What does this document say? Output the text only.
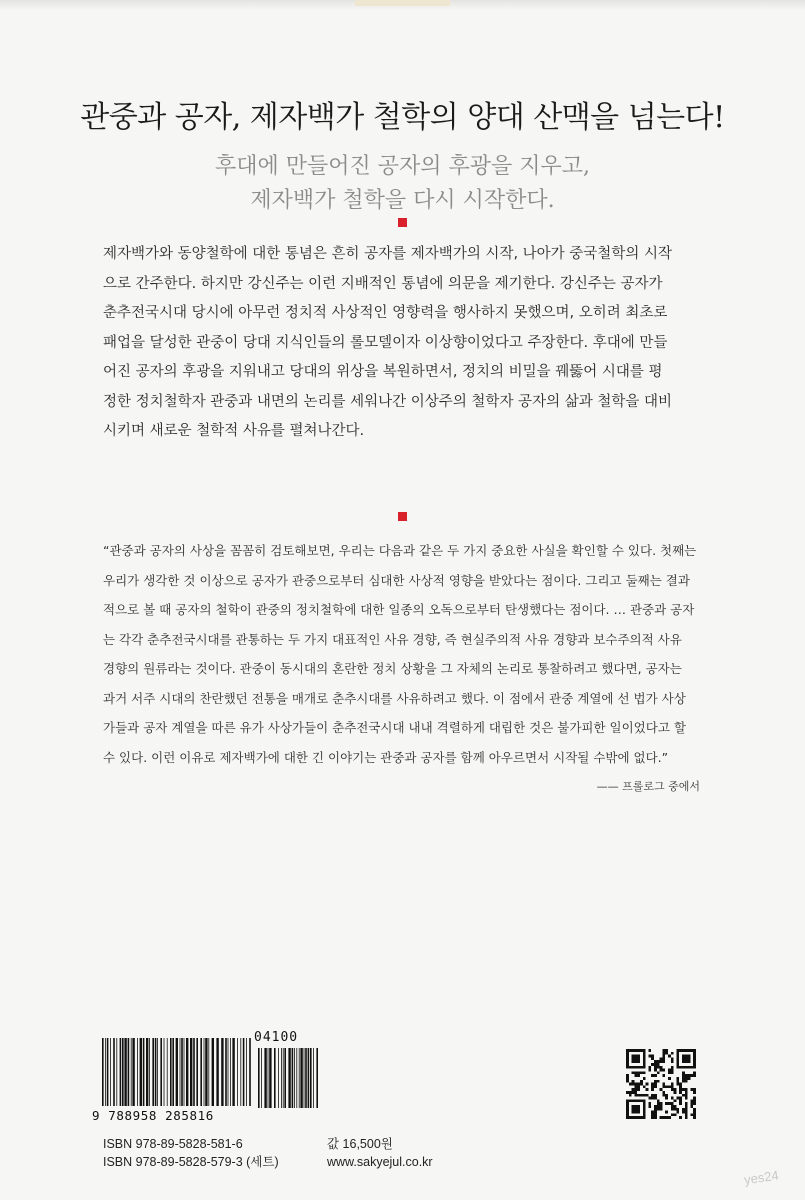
관중과 공자, 제자백가 철학의 양대 산맥을 넘는다!
후대에 만들어진 공자의 후광을 지우고,
제자백가 철학을 다시 시작한다.

제자백가와 동양철학에 대한 통념은 흔히 공자를 제자백가의 시작, 나아가 중국철학의 시작
으로 간주한다. 하지만 강신주는 이런 지배적인 통념에 의문을 제기한다. 강신주는 공자가
춘추전국시대 당시에 아무런 정치적 사상적인 영향력을 행사하지 못했으며, 오히려 최초로
패업을 달성한 관중이 당대 지식인들의 롤모델이자 이상향이었다고 주장한다. 후대에 만들
어진 공자의 후광을 지워내고 당대의 위상을 복원하면서, 정치의 비밀을 꿰뚫어 시대를 평
정한 정치철학자 관중과 내면의 논리를 세워나간 이상주의 철학자 공자의 삶과 철학을 대비
시키며 새로운 철학적 사유를 펼쳐나간다.

“관중과 공자의 사상을 꼼꼼히 검토해보면, 우리는 다음과 같은 두 가지 중요한 사실을 확인할 수 있다. 첫째는
우리가 생각한 것 이상으로 공자가 관중으로부터 심대한 사상적 영향을 받았다는 점이다. 그리고 둘째는 결과
적으로 볼 때 공자의 철학이 관중의 정치철학에 대한 일종의 오독으로부터 탄생했다는 점이다. … 관중과 공자
는 각각 춘추전국시대를 관통하는 두 가지 대표적인 사유 경향, 즉 현실주의적 사유 경향과 보수주의적 사유
경향의 원류라는 것이다. 관중이 동시대의 혼란한 정치 상황을 그 자체의 논리로 통찰하려고 했다면, 공자는
과거 서주 시대의 찬란했던 전통을 매개로 춘추시대를 사유하려고 했다. 이 점에서 관중 계열에 선 법가 사상
가들과 공자 계열을 따른 유가 사상가들이 춘추전국시대 내내 격렬하게 대립한 것은 불가피한 일이었다고 할
수 있다. 이런 이유로 제자백가에 대한 긴 이야기는 관중과 공자를 함께 아우르면서 시작될 수밖에 없다.”

—— 프롤로그 중에서
04100
9 788958 285816
ISBN 978-89-5828-581-6
ISBN 978-89-5828-579-3 (세트)
값 16,500원
www.sakyejul.co.kr
yes24
